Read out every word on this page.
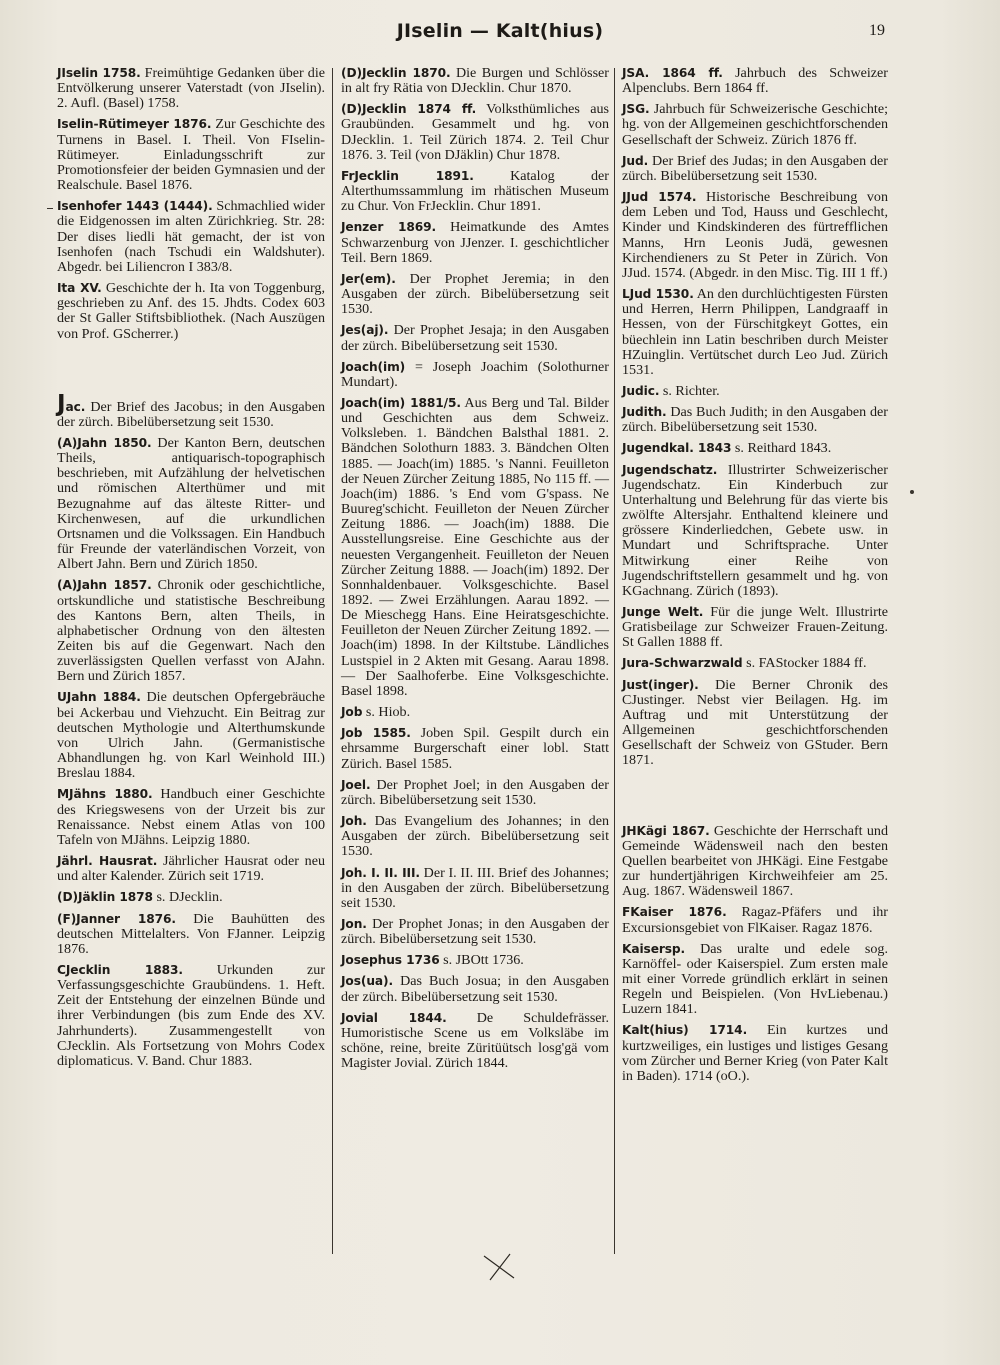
JIselin — Kalt(hius)	19

JIselin 1758. Freimühtige Gedanken über die Entvölkerung unserer Vaterstadt (von JIselin). 2. Aufl. (Basel) 1758.

Iselin-Rütimeyer 1876. Zur Geschichte des Turnens in Basel. I. Theil. Von FIselin-Rütimeyer. Einladungsschrift zur Promotionsfeier der beiden Gymnasien und der Realschule. Basel 1876.

Isenhofer 1443 (1444). Schmachlied wider die Eidgenossen im alten Zürichkrieg. Str. 28: Der dises liedli hät gemacht, der ist von Isenhofen (nach Tschudi ein Waldshuter). Abgedr. bei Liliencron I 383/8.

Ita XV. Geschichte der h. Ita von Toggenburg, geschrieben zu Anf. des 15. Jhdts. Codex 603 der St Galler Stiftsbibliothek. (Nach Auszügen von Prof. GScherrer.)

Jac. Der Brief des Jacobus; in den Ausgaben der zürch. Bibelübersetzung seit 1530.

(A)Jahn 1850. Der Kanton Bern, deutschen Theils, antiquarisch-topographisch beschrieben, mit Aufzählung der helvetischen und römischen Alterthümer und mit Bezugnahme auf das älteste Ritter- und Kirchenwesen, auf die urkundlichen Ortsnamen und die Volkssagen. Ein Handbuch für Freunde der vaterländischen Vorzeit, von Albert Jahn. Bern und Zürich 1850.

(A)Jahn 1857. Chronik oder geschichtliche, ortskundliche und statistische Beschreibung des Kantons Bern, alten Theils, in alphabetischer Ordnung von den ältesten Zeiten bis auf die Gegenwart. Nach den zuverlässigsten Quellen verfasst von AJahn. Bern und Zürich 1857.

UJahn 1884. Die deutschen Opfergebräuche bei Ackerbau und Viehzucht. Ein Beitrag zur deutschen Mythologie und Alterthumskunde von Ulrich Jahn. (Germanistische Abhandlungen hg. von Karl Weinhold III.) Breslau 1884.

MJähns 1880. Handbuch einer Geschichte des Kriegswesens von der Urzeit bis zur Renaissance. Nebst einem Atlas von 100 Tafeln von MJähns. Leipzig 1880.

Jährl. Hausrat. Jährlicher Hausrat oder neu und alter Kalender. Zürich seit 1719.

(D)Jäklin 1878 s. DJecklin.

(F)Janner 1876. Die Bauhütten des deutschen Mittelalters. Von FJanner. Leipzig 1876.

CJecklin 1883. Urkunden zur Verfassungsgeschichte Graubündens. 1. Heft. Zeit der Entstehung der einzelnen Bünde und ihrer Verbindungen (bis zum Ende des XV. Jahrhunderts). Zusammengestellt von CJecklin. Als Fortsetzung von Mohrs Codex diplomaticus. V. Band. Chur 1883.

(D)Jecklin 1870. Die Burgen und Schlösser in alt fry Rätia von DJecklin. Chur 1870.

(D)Jecklin 1874 ff. Volksthümliches aus Graubünden. Gesammelt und hg. von DJecklin. 1. Teil Zürich 1874. 2. Teil Chur 1876. 3. Teil (von DJäklin) Chur 1878.

FrJecklin 1891. Katalog der Alterthumssammlung im rhätischen Museum zu Chur. Von FrJecklin. Chur 1891.

Jenzer 1869. Heimatkunde des Amtes Schwarzenburg von JJenzer. I. geschichtlicher Teil. Bern 1869.

Jer(em). Der Prophet Jeremia; in den Ausgaben der zürch. Bibelübersetzung seit 1530.

Jes(aj). Der Prophet Jesaja; in den Ausgaben der zürch. Bibelübersetzung seit 1530.

Joach(im) = Joseph Joachim (Solothurner Mundart).

Joach(im) 1881/5. Aus Berg und Tal. Bilder und Geschichten aus dem Schweiz. Volksleben. 1. Bändchen Balsthal 1881. 2. Bändchen Solothurn 1883. 3. Bändchen Olten 1885. — Joach(im) 1885. 's Nanni. Feuilleton der Neuen Zürcher Zeitung 1885, No 115 ff. — Joach(im) 1886. 's End vom G'spass. Ne Buureg'schicht. Feuilleton der Neuen Zürcher Zeitung 1886. — Joach(im) 1888. Die Ausstellungsreise. Eine Geschichte aus der neuesten Vergangenheit. Feuilleton der Neuen Zürcher Zeitung 1888. — Joach(im) 1892. Der Sonnhaldenbauer. Volksgeschichte. Basel 1892. — Zwei Erzählungen. Aarau 1892. — De Mieschegg Hans. Eine Heiratsgeschichte. Feuilleton der Neuen Zürcher Zeitung 1892. — Joach(im) 1898. In der Kiltstube. Ländliches Lustspiel in 2 Akten mit Gesang. Aarau 1898. — Der Saalhoferbe. Eine Volksgeschichte. Basel 1898.

Job s. Hiob.

Job 1585. Joben Spil. Gespilt durch ein ehrsamme Burgerschaft einer lobl. Statt Zürich. Basel 1585.

Joel. Der Prophet Joel; in den Ausgaben der zürch. Bibelübersetzung seit 1530.

Joh. Das Evangelium des Johannes; in den Ausgaben der zürch. Bibelübersetzung seit 1530.

Joh. I. II. III. Der I. II. III. Brief des Johannes; in den Ausgaben der zürch. Bibelübersetzung seit 1530.

Jon. Der Prophet Jonas; in den Ausgaben der zürch. Bibelübersetzung seit 1530.

Josephus 1736 s. JBOtt 1736.

Jos(ua). Das Buch Josua; in den Ausgaben der zürch. Bibelübersetzung seit 1530.

Jovial 1844. De Schuldefrässer. Humoristische Scene us em Volksläbe im schöne, reine, breite Züritüütsch losg'gä vom Magister Jovial. Zürich 1844.

JSA. 1864 ff. Jahrbuch des Schweizer Alpenclubs. Bern 1864 ff.

JSG. Jahrbuch für Schweizerische Geschichte; hg. von der Allgemeinen geschichtforschenden Gesellschaft der Schweiz. Zürich 1876 ff.

Jud. Der Brief des Judas; in den Ausgaben der zürch. Bibelübersetzung seit 1530.

JJud 1574. Historische Beschreibung von dem Leben und Tod, Hauss und Geschlecht, Kinder und Kindskinderen des fürtrefflichen Manns, Hrn Leonis Judä, gewesnen Kirchendieners zu St Peter in Zürich. Von JJud. 1574. (Abgedr. in den Misc. Tig. III 1 ff.)

LJud 1530. An den durchlüchtigesten Fürsten und Herren, Herrn Philippen, Landgraaff in Hessen, von der Fürschitgkeyt Gottes, ein büechlein inn Latin beschriben durch Meister HZuinglin. Vertütschet durch Leo Jud. Zürich 1531.

Judic. s. Richter.

Judith. Das Buch Judith; in den Ausgaben der zürch. Bibelübersetzung seit 1530.

Jugendkal. 1843 s. Reithard 1843.

Jugendschatz. Illustrirter Schweizerischer Jugendschatz. Ein Kinderbuch zur Unterhaltung und Belehrung für das vierte bis zwölfte Altersjahr. Enthaltend kleinere und grössere Kinderliedchen, Gebete usw. in Mundart und Schriftsprache. Unter Mitwirkung einer Reihe von Jugendschriftstellern gesammelt und hg. von KGachnang. Zürich (1893).

Junge Welt. Für die junge Welt. Illustrirte Gratisbeilage zur Schweizer Frauen-Zeitung. St Gallen 1888 ff.

Jura-Schwarzwald s. FAStocker 1884 ff.

Just(inger). Die Berner Chronik des CJustinger. Nebst vier Beilagen. Hg. im Auftrag und mit Unterstützung der Allgemeinen geschichtforschenden Gesellschaft der Schweiz von GStuder. Bern 1871.

JHKägi 1867. Geschichte der Herrschaft und Gemeinde Wädensweil nach den besten Quellen bearbeitet von JHKägi. Eine Festgabe zur hundertjährigen Kirchweihfeier am 25. Aug. 1867. Wädensweil 1867.

FKaiser 1876. Ragaz-Pfäfers und ihr Excursionsgebiet von FlKaiser. Ragaz 1876.

Kaisersp. Das uralte und edele sog. Karnöffel- oder Kaiserspiel. Zum ersten male mit einer Vorrede gründlich erklärt in seinen Regeln und Beispielen. (Von HvLiebenau.) Luzern 1841.

Kalt(hius) 1714. Ein kurtzes und kurtzweiliges, ein lustiges und listiges Gesang vom Zürcher und Berner Krieg (von Pater Kalt in Baden). 1714 (oO.).
